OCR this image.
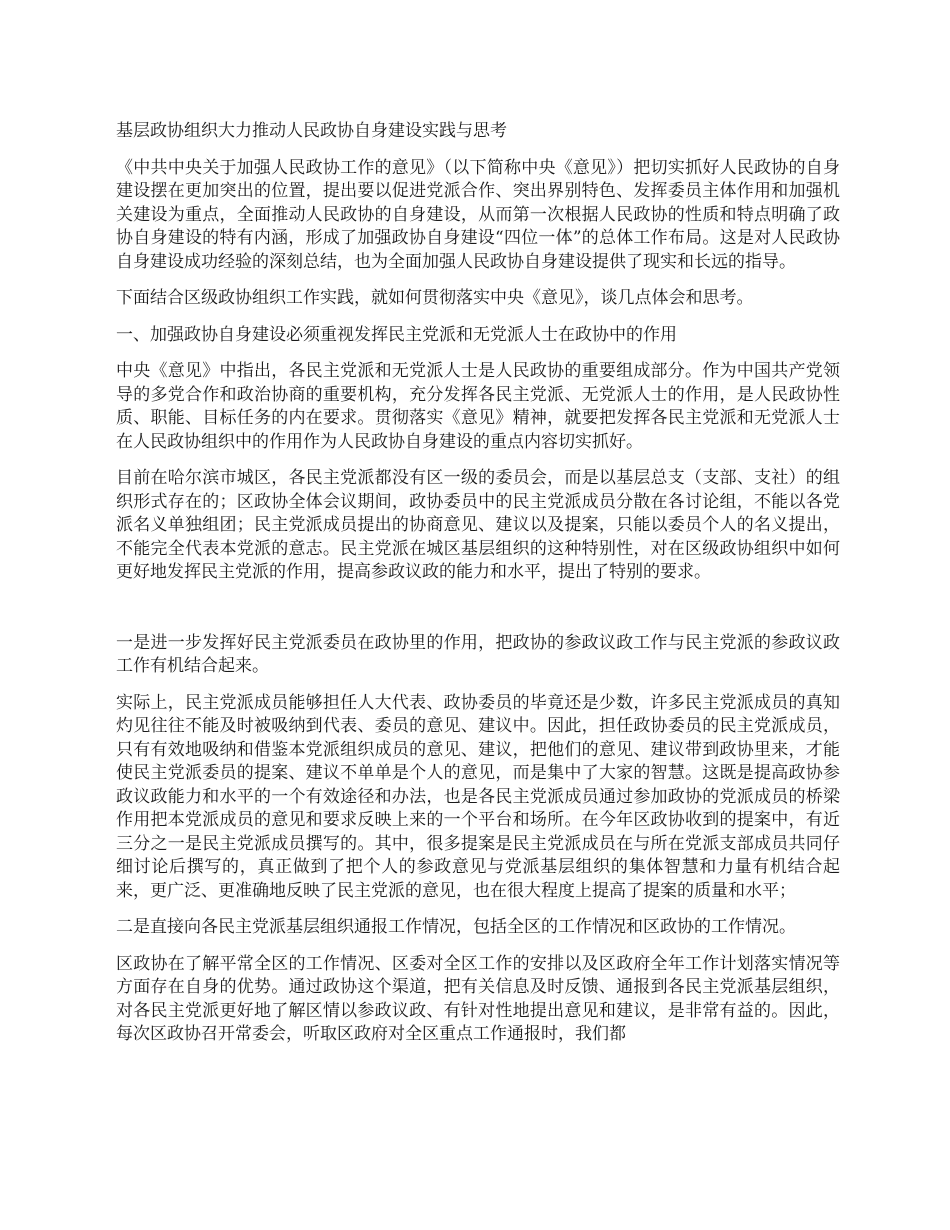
基层政协组织大力推动人民政协自身建设实践与思考

《中共中央关于加强人民政协工作的意见》（以下简称中央《意见》）把切实抓好人民政协的自身建设摆在更加突出的位置，提出要以促进党派合作、突出界别特色、发挥委员主体作用和加强机关建设为重点，全面推动人民政协的自身建设，从而第一次根据人民政协的性质和特点明确了政协自身建设的特有内涵，形成了加强政协自身建设“四位一体”的总体工作布局。这是对人民政协自身建设成功经验的深刻总结，也为全面加强人民政协自身建设提供了现实和长远的指导。

下面结合区级政协组织工作实践，就如何贯彻落实中央《意见》，谈几点体会和思考。

一、加强政协自身建设必须重视发挥民主党派和无党派人士在政协中的作用

中央《意见》中指出，各民主党派和无党派人士是人民政协的重要组成部分。作为中国共产党领导的多党合作和政治协商的重要机构，充分发挥各民主党派、无党派人士的作用，是人民政协性质、职能、目标任务的内在要求。贯彻落实《意见》精神，就要把发挥各民主党派和无党派人士在人民政协组织中的作用作为人民政协自身建设的重点内容切实抓好。

目前在哈尔滨市城区，各民主党派都没有区一级的委员会，而是以基层总支（支部、支社）的组织形式存在的；区政协全体会议期间，政协委员中的民主党派成员分散在各讨论组，不能以各党派名义单独组团；民主党派成员提出的协商意见、建议以及提案，只能以委员个人的名义提出，不能完全代表本党派的意志。民主党派在城区基层组织的这种特别性，对在区级政协组织中如何更好地发挥民主党派的作用，提高参政议政的能力和水平，提出了特别的要求。

一是进一步发挥好民主党派委员在政协里的作用，把政协的参政议政工作与民主党派的参政议政工作有机结合起来。

实际上，民主党派成员能够担任人大代表、政协委员的毕竟还是少数，许多民主党派成员的真知灼见往往不能及时被吸纳到代表、委员的意见、建议中。因此，担任政协委员的民主党派成员，只有有效地吸纳和借鉴本党派组织成员的意见、建议，把他们的意见、建议带到政协里来，才能使民主党派委员的提案、建议不单单是个人的意见，而是集中了大家的智慧。这既是提高政协参政议政能力和水平的一个有效途径和办法，也是各民主党派成员通过参加政协的党派成员的桥梁作用把本党派成员的意见和要求反映上来的一个平台和场所。在今年区政协收到的提案中，有近三分之一是民主党派成员撰写的。其中，很多提案是民主党派成员在与所在党派支部成员共同仔细讨论后撰写的，真正做到了把个人的参政意见与党派基层组织的集体智慧和力量有机结合起来，更广泛、更准确地反映了民主党派的意见，也在很大程度上提高了提案的质量和水平；

二是直接向各民主党派基层组织通报工作情况，包括全区的工作情况和区政协的工作情况。

区政协在了解平常全区的工作情况、区委对全区工作的安排以及区政府全年工作计划落实情况等方面存在自身的优势。通过政协这个渠道，把有关信息及时反馈、通报到各民主党派基层组织，对各民主党派更好地了解区情以参政议政、有针对性地提出意见和建议，是非常有益的。因此，每次区政协召开常委会，听取区政府对全区重点工作通报时，我们都
